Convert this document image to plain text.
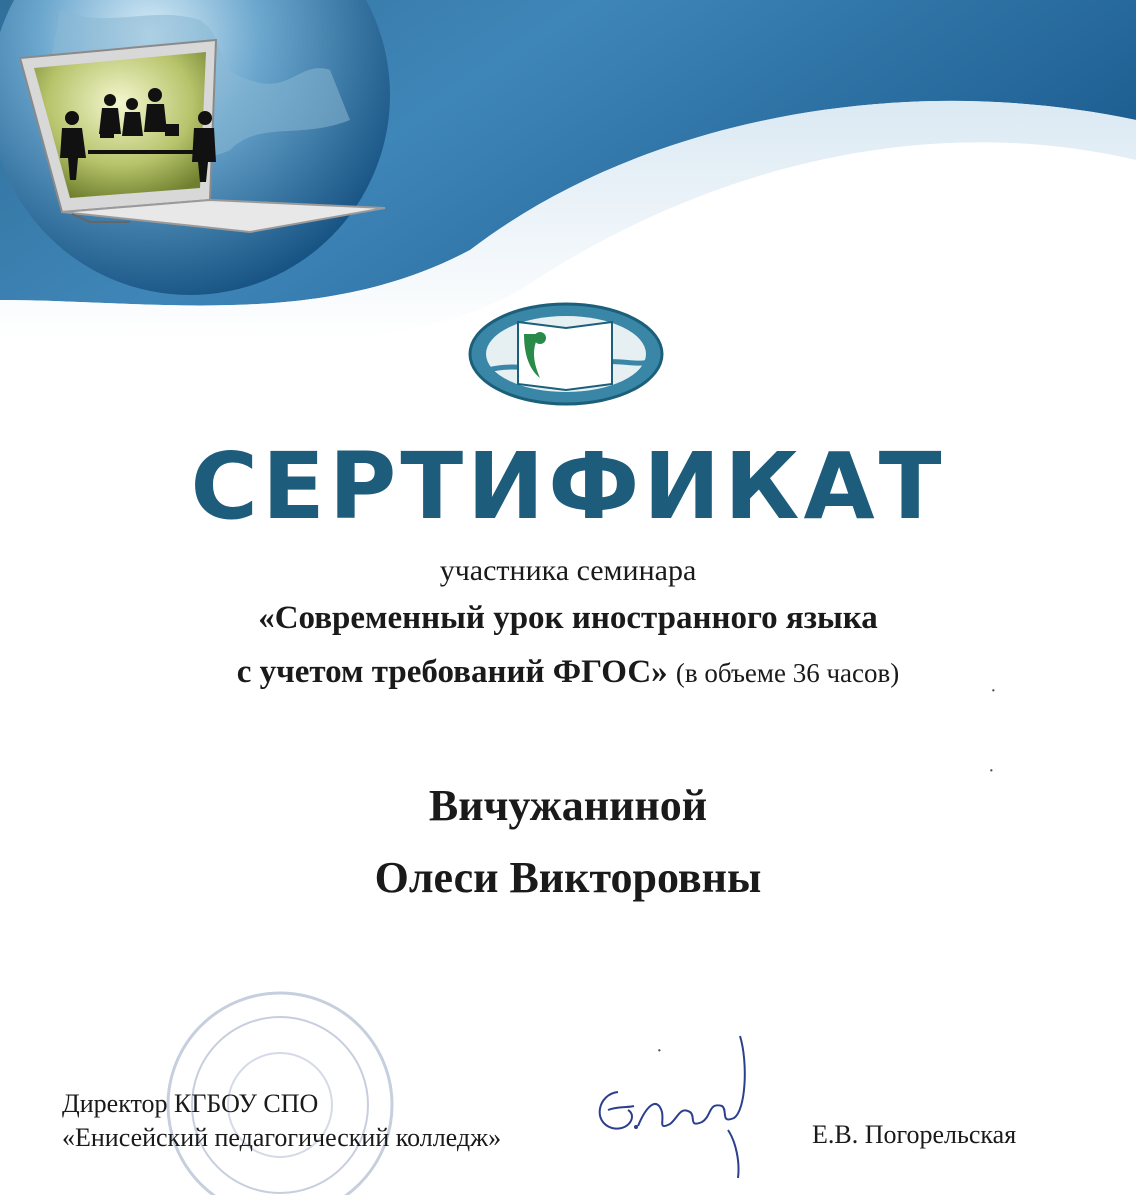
СЕРТИФИКАТ
участника семинара
«Современный урок иностранного языка
с учетом требований ФГОС» (в объеме 36 часов)
Вичужаниной
Олеси Викторовны
Директор КГБОУ СПО
«Енисейский педагогический колледж»	Е.В. Погорельская
·
·
·
